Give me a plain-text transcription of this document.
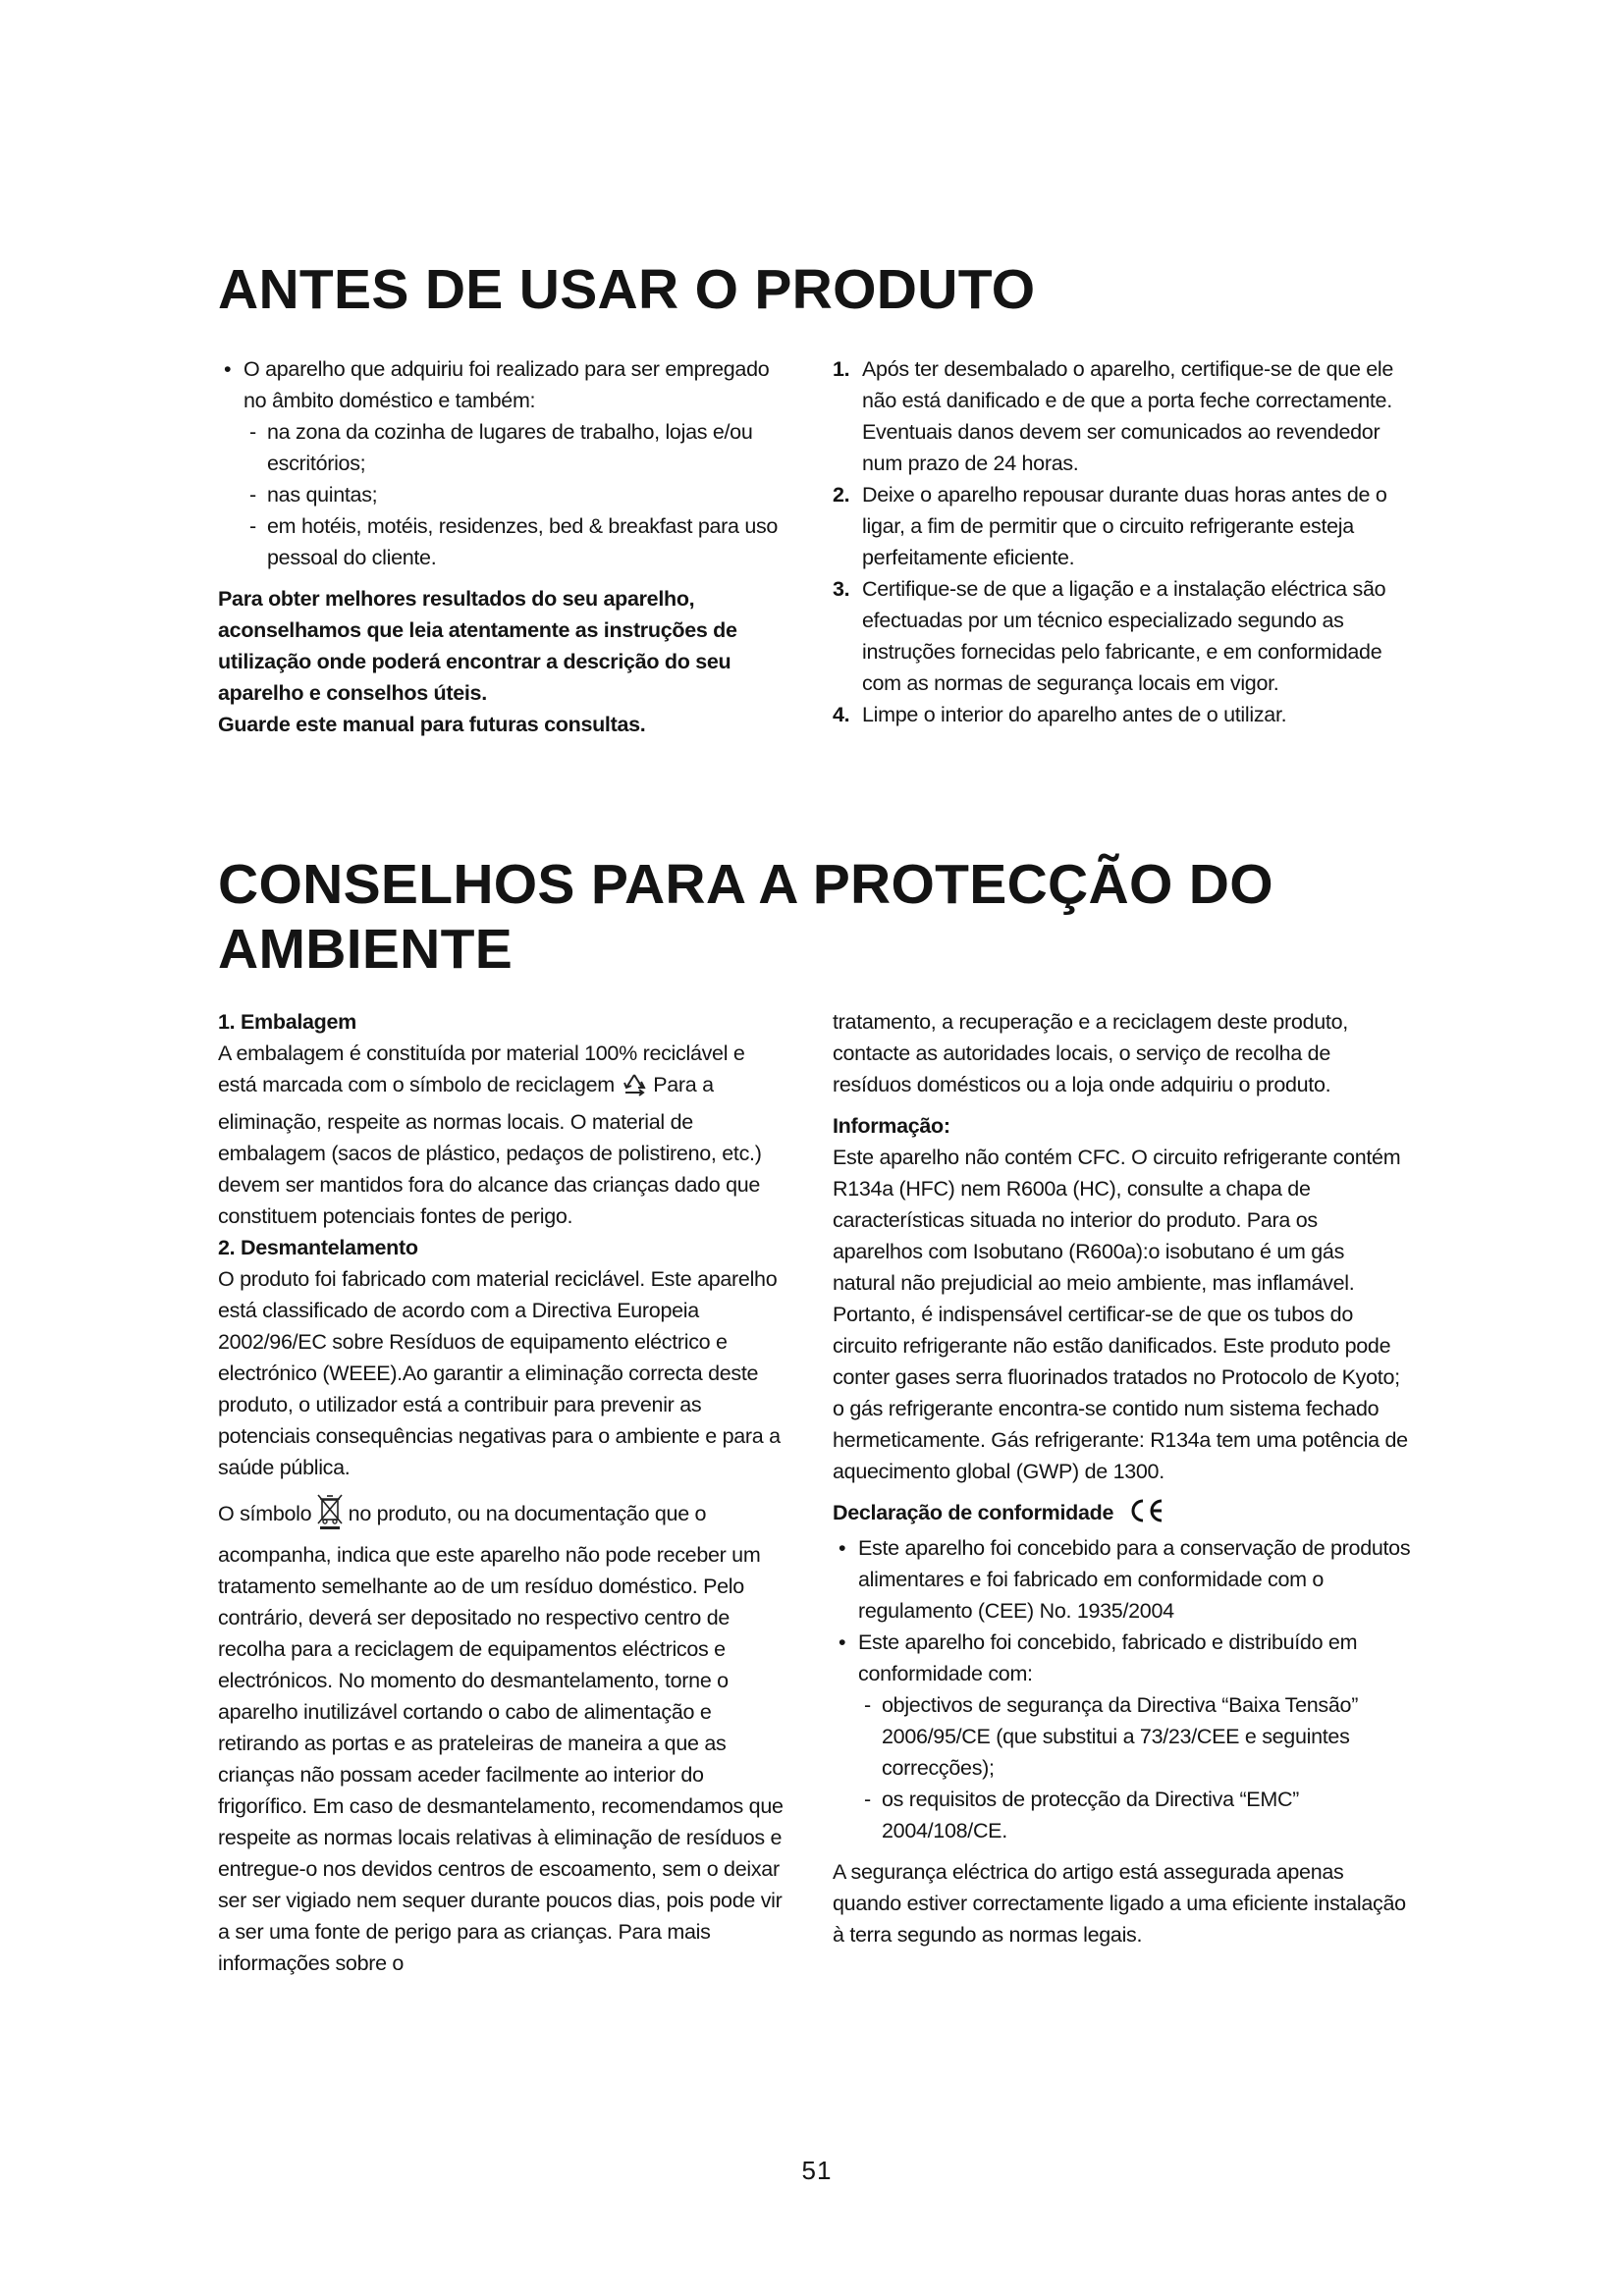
ANTES DE USAR O PRODUTO

• O aparelho que adquiriu foi realizado para ser empregado no âmbito doméstico e também:

- na zona da cozinha de lugares de trabalho, lojas e/ou escritórios;

- nas quintas;

- em hotéis, motéis, residenzes, bed & breakfast para uso pessoal do cliente.

Para obter melhores resultados do seu aparelho, aconselhamos que leia atentamente as instruções de utilização onde poderá encontrar a descrição do seu aparelho e conselhos úteis.

Guarde este manual para futuras consultas.

1. Após ter desembalado o aparelho, certifique-se de que ele não está danificado e de que a porta feche correctamente. Eventuais danos devem ser comunicados ao revendedor num prazo de 24 horas.

2. Deixe o aparelho repousar durante duas horas antes de o ligar, a fim de permitir que o circuito refrigerante esteja perfeitamente eficiente.

3. Certifique-se de que a ligação e a instalação eléctrica são efectuadas por um técnico especializado segundo as instruções fornecidas pelo fabricante, e em conformidade com as normas de segurança locais em vigor.

4. Limpe o interior do aparelho antes de o utilizar.

CONSELHOS PARA A PROTECÇÃO DO AMBIENTE

1. Embalagem

A embalagem é constituída por material 100% reciclável e está marcada com o símbolo de reciclagem Para a eliminação, respeite as normas locais. O material de embalagem (sacos de plástico, pedaços de polistireno, etc.) devem ser mantidos fora do alcance das crianças dado que constituem potenciais fontes de perigo.

2. Desmantelamento

O produto foi fabricado com material reciclável. Este aparelho está classificado de acordo com a Directiva Europeia 2002/96/EC sobre Resíduos de equipamento eléctrico e electrónico (WEEE).Ao garantir a eliminação correcta deste produto, o utilizador está a contribuir para prevenir as potenciais consequências negativas para o ambiente e para a saúde pública.

O símbolo no produto, ou na documentação que o acompanha, indica que este aparelho não pode receber um tratamento semelhante ao de um resíduo doméstico. Pelo contrário, deverá ser depositado no respectivo centro de recolha para a reciclagem de equipamentos eléctricos e electrónicos. No momento do desmantelamento, torne o aparelho inutilizável cortando o cabo de alimentação e retirando as portas e as prateleiras de maneira a que as crianças não possam aceder facilmente ao interior do frigorífico. Em caso de desmantelamento, recomendamos que respeite as normas locais relativas à eliminação de resíduos e entregue-o nos devidos centros de escoamento, sem o deixar ser ser vigiado nem sequer durante poucos dias, pois pode vir a ser uma fonte de perigo para as crianças. Para mais informações sobre o

tratamento, a recuperação e a reciclagem deste produto, contacte as autoridades locais, o serviço de recolha de resíduos domésticos ou a loja onde adquiriu o produto.

Informação:

Este aparelho não contém CFC. O circuito refrigerante contém R134a (HFC) nem R600a (HC), consulte a chapa de características situada no interior do produto. Para os aparelhos com Isobutano (R600a):o isobutano é um gás natural não prejudicial ao meio ambiente, mas inflamável. Portanto, é indispensável certificar-se de que os tubos do circuito refrigerante não estão danificados. Este produto pode conter gases serra fluorinados tratados no Protocolo de Kyoto; o gás refrigerante encontra-se contido num sistema fechado hermeticamente. Gás refrigerante: R134a tem uma potência de aquecimento global (GWP) de 1300.

Declaração de conformidade

• Este aparelho foi concebido para a conservação de produtos alimentares e foi fabricado em conformidade com o regulamento (CEE) No. 1935/2004

• Este aparelho foi concebido, fabricado e distribuído em conformidade com:

- objectivos de segurança da Directiva “Baixa Tensão” 2006/95/CE (que substitui a 73/23/CEE e seguintes correcções);

- os requisitos de protecção da Directiva “EMC” 2004/108/CE.

A segurança eléctrica do artigo está assegurada apenas quando estiver correctamente ligado a uma eficiente instalação à terra segundo as normas legais.

51
